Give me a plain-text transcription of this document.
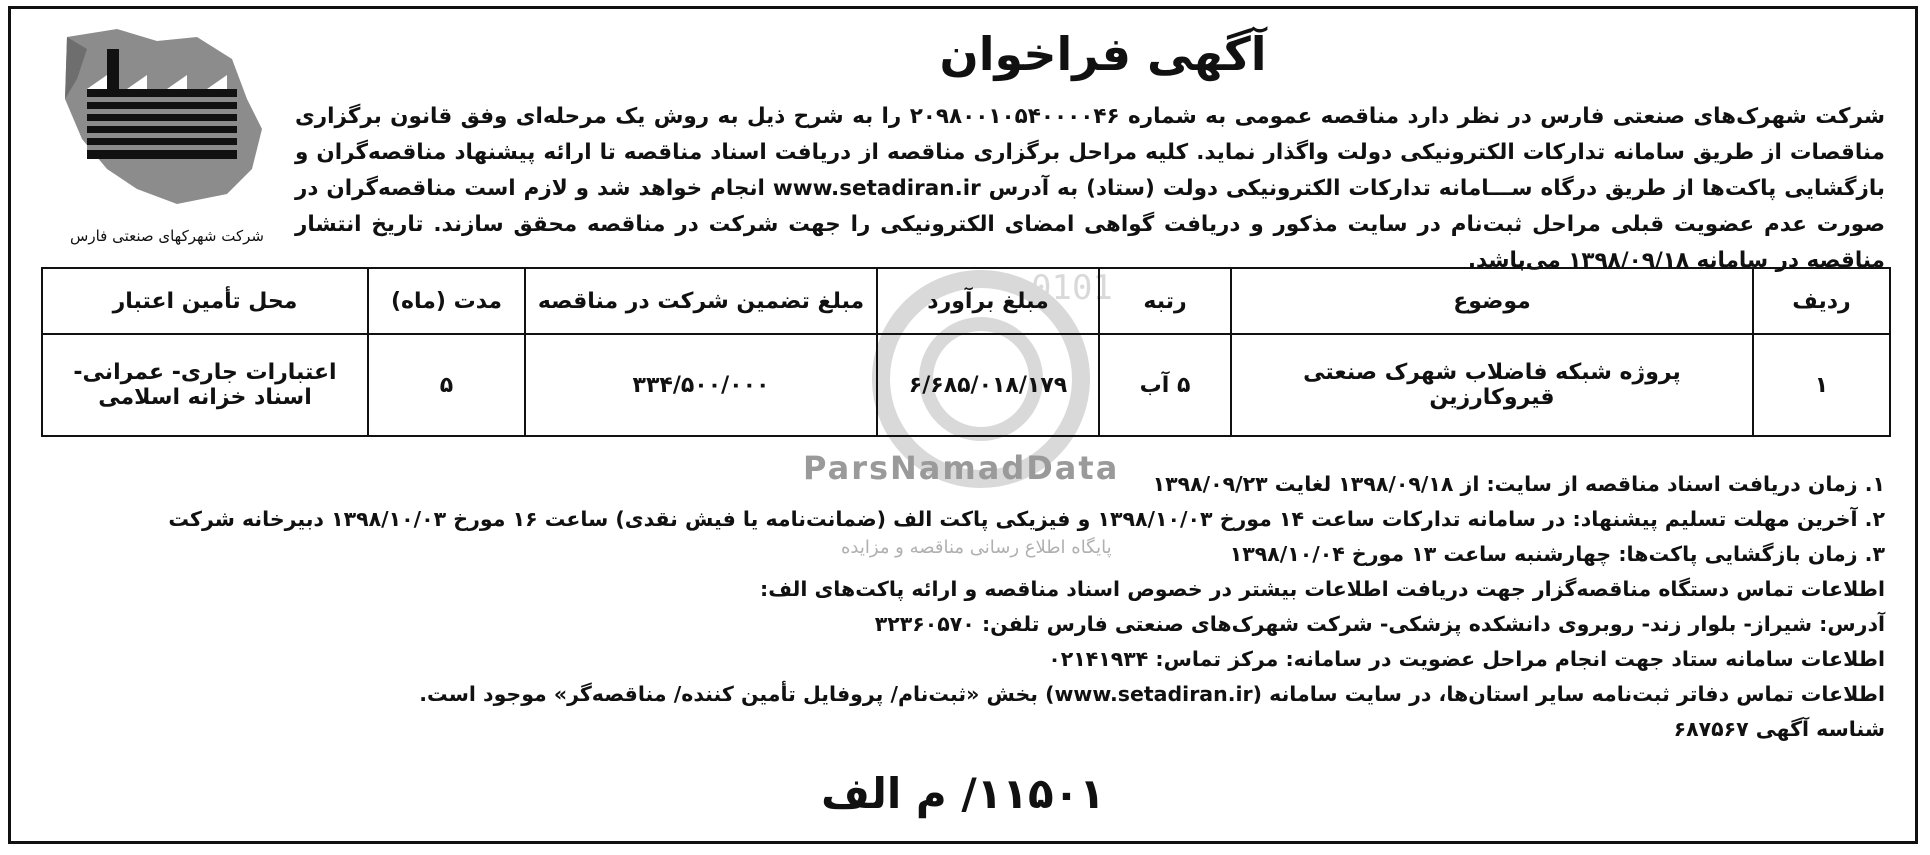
شرکت شهرکهای صنعتی فارس
آگهی فراخوان
شرکت شهرک‌های صنعتی فارس در نظر دارد مناقصه عمومی به شماره ۲۰۹۸۰۰۱۰۵۴۰۰۰۰۴۶ را به شرح ذیل به روش یک مرحله‌ای وفق قانون برگزاری مناقصات از طریق سامانه تدارکات الکترونیکی دولت واگذار نماید. کلیه مراحل برگزاری مناقصه از دریافت اسناد مناقصه تا ارائه پیشنهاد مناقصه‌گران و بازگشایی پاکت‌ها از طریق درگاه ســـامانه تدارکات الکترونیکی دولت (ستاد) به آدرس www.setadiran.ir انجام خواهد شد و لازم است مناقصه‌گران در صورت عدم عضویت قبلی مراحل ثبت‌نام در سایت مذکور و دریافت گواهی امضای الکترونیکی را جهت شرکت در مناقصه محقق سازند. تاریخ انتشار مناقصه در سامانه ۱۳۹۸/۰۹/۱۸ می‌باشد.
0101
ParsNamadData
پایگاه اطلاع رسانی مناقصه و مزایده
ردیف	موضوع	رتبه	مبلغ برآورد	مبلغ تضمین شرکت در مناقصه	مدت (ماه)	محل تأمین اعتبار
۱	پروژه شبکه فاضلاب شهرک صنعتی قیروکارزین	۵ آب	۶/۶۸۵/۰۱۸/۱۷۹	۳۳۴/۵۰۰/۰۰۰	۵	اعتبارات جاری- عمرانی- اسناد خزانه اسلامی
۱. زمان دریافت اسناد مناقصه از سایت: از ۱۳۹۸/۰۹/۱۸ لغایت ۱۳۹۸/۰۹/۲۳
۲. آخرین مهلت تسلیم پیشنهاد: در سامانه تدارکات ساعت ۱۴ مورخ ۱۳۹۸/۱۰/۰۳ و فیزیکی پاکت الف (ضمانت‌نامه یا فیش نقدی) ساعت ۱۶ مورخ ۱۳۹۸/۱۰/۰۳ دبیرخانه شرکت
۳. زمان بازگشایی پاکت‌ها: چهارشنبه ساعت ۱۳ مورخ ۱۳۹۸/۱۰/۰۴
اطلاعات تماس دستگاه مناقصه‌گزار جهت دریافت اطلاعات بیشتر در خصوص اسناد مناقصه و ارائه پاکت‌های الف:
آدرس: شیراز- بلوار زند- روبروی دانشکده پزشکی- شرکت شهرک‌های صنعتی فارس تلفن: ۳۲۳۶۰۵۷۰
اطلاعات سامانه ستاد جهت انجام مراحل عضویت در سامانه: مرکز تماس: ۰۲۱۴۱۹۳۴
اطلاعات تماس دفاتر ثبت‌نامه سایر استان‌ها، در سایت سامانه (www.setadiran.ir) بخش «ثبت‌نام/ پروفایل تأمین کننده/ مناقصه‌گر» موجود است.
شناسه آگهی ۶۸۷۵۶۷
۱۱۵۰۱/ م الف
